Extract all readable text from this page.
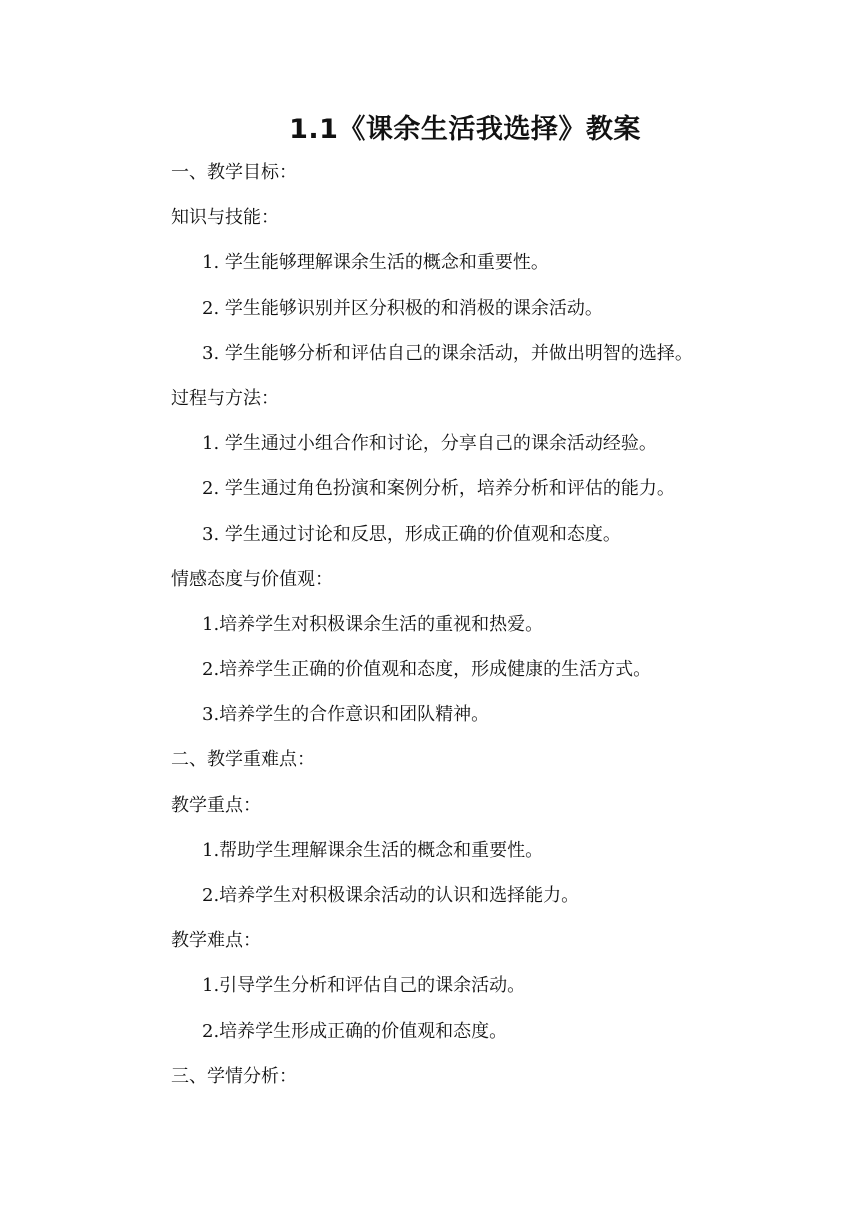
1.1《课余生活我选择》教案
一、教学目标：
知识与技能：
1. 学生能够理解课余生活的概念和重要性。
2. 学生能够识别并区分积极的和消极的课余活动。
3. 学生能够分析和评估自己的课余活动，并做出明智的选择。
过程与方法：
1. 学生通过小组合作和讨论，分享自己的课余活动经验。
2. 学生通过角色扮演和案例分析，培养分析和评估的能力。
3. 学生通过讨论和反思，形成正确的价值观和态度。
情感态度与价值观：
1.培养学生对积极课余生活的重视和热爱。
2.培养学生正确的价值观和态度，形成健康的生活方式。
3.培养学生的合作意识和团队精神。
二、教学重难点：
教学重点：
1.帮助学生理解课余生活的概念和重要性。
2.培养学生对积极课余活动的认识和选择能力。
教学难点：
1.引导学生分析和评估自己的课余活动。
2.培养学生形成正确的价值观和态度。
三、学情分析：
